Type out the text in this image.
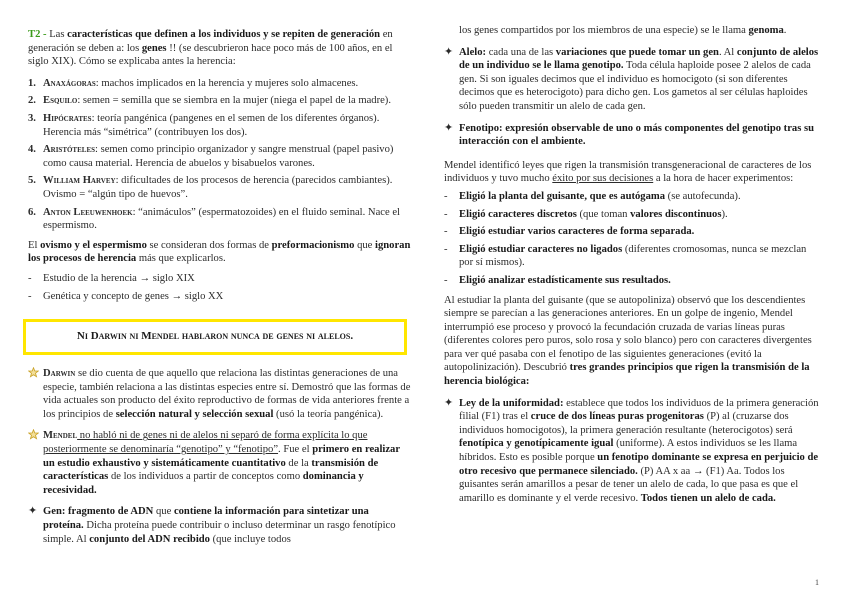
T2 - Las características que definen a los individuos y se repiten de generación en generación se deben a: los genes !! (se descubrieron hace poco más de 100 años, en el siglo XIX). Cómo se explicaba antes la herencia:

1. Anaxágoras: machos implicados en la herencia y mujeres solo almacenes.
2. Esquilo: semen = semilla que se siembra en la mujer (niega el papel de la madre).
3. Hipócrates: teoría pangénica (pangenes en el semen de los diferentes órganos). Herencia más “simétrica” (contribuyen los dos).
4. Aristóteles: semen como principio organizador y sangre menstrual (papel pasivo) como causa material. Herencia de abuelos y bisabuelos varones.
5. William Harvey: dificultades de los procesos de herencia (parecidos cambiantes). Ovismo = “algún tipo de huevos”.
6. Anton Leeuwenhoek: “animáculos” (espermatozoides) en el fluido seminal. Nace el espermismo.

El ovismo y el espermismo se consideran dos formas de preformacionismo que ignoran los procesos de herencia más que explicarlos.

- Estudio de la herencia → siglo XIX
- Genética y concepto de genes → siglo XX
Ni Darwin ni Mendel hablaron nunca de genes ni alelos.

Darwin se dio cuenta de que aquello que relaciona las distintas generaciones de una especie, también relaciona a las distintas especies entre sí. Demostró que las formas de vida actuales son producto del éxito reproductivo de formas de vida anteriores frente a los principios de selección natural y selección sexual (usó la teoría pangénica).

Mendel no habló ni de genes ni de alelos ni separó de forma explícita lo que posteriormente se denominaría “genotipo” y “fenotipo”. Fue el primero en realizar un estudio exhaustivo y sistemáticamente cuantitativo de la transmisión de características de los individuos a partir de conceptos como dominancia y recesividad.

✦ Gen: fragmento de ADN que contiene la información para sintetizar una proteína. Dicha proteína puede contribuir o incluso determinar un rasgo fenotípico simple. Al conjunto del ADN recibido (que incluye todos

los genes compartidos por los miembros de una especie) se le llama genoma.

✦ Alelo: cada una de las variaciones que puede tomar un gen. Al conjunto de alelos de un individuo se le llama genotipo. Toda célula haploide posee 2 alelos de cada gen. Si son iguales decimos que el individuo es homocigoto (si son diferentes decimos que es heterocigoto) para dicho gen. Los gametos al ser células haploides sólo pueden transmitir un alelo de cada gen.

✦ Fenotipo: expresión observable de uno o más componentes del genotipo tras su interacción con el ambiente.

Mendel identificó leyes que rigen la transmisión transgeneracional de caracteres de los individuos y tuvo mucho éxito por sus decisiones a la hora de hacer experimentos:

- Eligió la planta del guisante, que es autógama (se autofecunda).
- Eligió caracteres discretos (que toman valores discontinuos).
- Eligió estudiar varios caracteres de forma separada.
- Eligió estudiar caracteres no ligados (diferentes cromosomas, nunca se mezclan por sí mismos).
- Eligió analizar estadísticamente sus resultados.

Al estudiar la planta del guisante (que se autopoliniza) observó que los descendientes siempre se parecían a las generaciones anteriores. En un golpe de ingenio, Mendel interrumpió ese proceso y provocó la fecundación cruzada de varias líneas puras (diferentes colores pero puros, solo rosa y solo blanco) pero con caracteres divergentes para ver qué pasaba con el fenotipo de las siguientes generaciones (evitó la autopolinización). Descubrió tres grandes principios que rigen la transmisión de la herencia biológica:

✦ Ley de la uniformidad: establece que todos los individuos de la primera generación filial (F1) tras el cruce de dos líneas puras progenitoras (P) al (cruzarse dos individuos homocigotos), la primera generación resultante (heterocigotos) será fenotípica y genotípicamente igual (uniforme). A estos individuos se les llama híbridos. Esto es posible porque un fenotipo dominante se expresa en perjuicio de otro recesivo que permanece silenciado. (P) AA x aa → (F1) Aa. Todos los guisantes serán amarillos a pesar de tener un alelo de cada, lo que pasa es que el amarillo es dominante y el verde recesivo. Todos tienen un alelo de cada.

1
